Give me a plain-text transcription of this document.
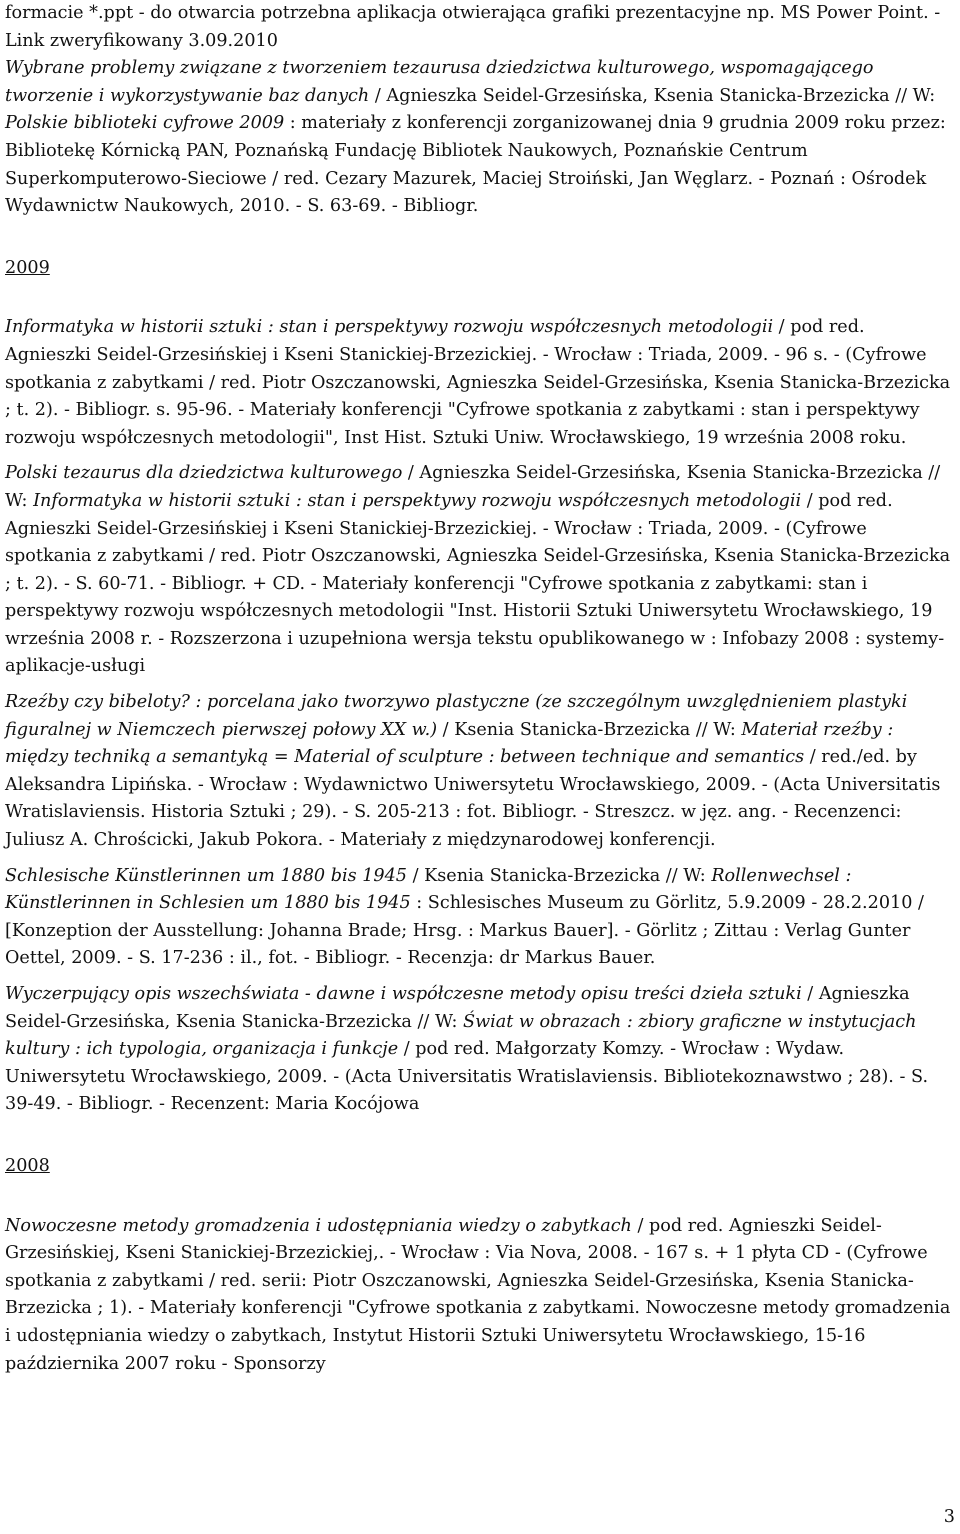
formacie *.ppt - do otwarcia potrzebna aplikacja otwierająca grafiki prezentacyjne np. MS Power Point. - Link zweryfikowany 3.09.2010

Wybrane problemy związane z tworzeniem tezaurusa dziedzictwa kulturowego, wspomagającego tworzenie i wykorzystywanie baz danych / Agnieszka Seidel-Grzesińska, Ksenia Stanicka-Brzezicka // W: Polskie biblioteki cyfrowe 2009 : materiały z konferencji zorganizowanej dnia 9 grudnia 2009 roku przez: Bibliotekę Kórnicką PAN, Poznańską Fundację Bibliotek Naukowych, Poznańskie Centrum Superkomputerowo-Sieciowe / red. Cezary Mazurek, Maciej Stroiński, Jan Węglarz. - Poznań : Ośrodek Wydawnictw Naukowych, 2010. - S. 63-69. - Bibliogr.

2009

Informatyka w historii sztuki : stan i perspektywy rozwoju współczesnych metodologii / pod red. Agnieszki Seidel-Grzesińskiej i Kseni Stanickiej-Brzezickiej. - Wrocław : Triada, 2009. - 96 s. - (Cyfrowe spotkania z zabytkami / red. Piotr Oszczanowski, Agnieszka Seidel-Grzesińska, Ksenia Stanicka-Brzezicka ; t. 2). - Bibliogr. s. 95-96. - Materiały konferencji "Cyfrowe spotkania z zabytkami : stan i perspektywy rozwoju współczesnych metodologii", Inst Hist. Sztuki Uniw. Wrocławskiego, 19 września 2008 roku.

Polski tezaurus dla dziedzictwa kulturowego / Agnieszka Seidel-Grzesińska, Ksenia Stanicka-Brzezicka // W: Informatyka w historii sztuki : stan i perspektywy rozwoju współczesnych metodologii / pod red. Agnieszki Seidel-Grzesińskiej i Kseni Stanickiej-Brzezickiej. - Wrocław : Triada, 2009. - (Cyfrowe spotkania z zabytkami / red. Piotr Oszczanowski, Agnieszka Seidel-Grzesińska, Ksenia Stanicka-Brzezicka ; t. 2). - S. 60-71. - Bibliogr. + CD. - Materiały konferencji "Cyfrowe spotkania z zabytkami: stan i perspektywy rozwoju współczesnych metodologii "Inst. Historii Sztuki Uniwersytetu Wrocławskiego, 19 września 2008 r. - Rozszerzona i uzupełniona wersja tekstu opublikowanego w : Infobazy 2008 : systemy-aplikacje-usługi

Rzeźby czy bibeloty? : porcelana jako tworzywo plastyczne (ze szczególnym uwzględnieniem plastyki figuralnej w Niemczech pierwszej połowy XX w.) / Ksenia Stanicka-Brzezicka // W: Materiał rzeźby : między techniką a semantyką = Material of sculpture : between technique and semantics / red./ed. by Aleksandra Lipińska. - Wrocław : Wydawnictwo Uniwersytetu Wrocławskiego, 2009. - (Acta Universitatis Wratislaviensis. Historia Sztuki ; 29). - S. 205-213 : fot. Bibliogr. - Streszcz. w jęz. ang. - Recenzenci: Juliusz A. Chrościcki, Jakub Pokora. - Materiały z międzynarodowej konferencji.

Schlesische Künstlerinnen um 1880 bis 1945 / Ksenia Stanicka-Brzezicka // W: Rollenwechsel : Künstlerinnen in Schlesien um 1880 bis 1945 : Schlesisches Museum zu Görlitz, 5.9.2009 - 28.2.2010 / [Konzeption der Ausstellung: Johanna Brade; Hrsg. : Markus Bauer]. - Görlitz ; Zittau : Verlag Gunter Oettel, 2009. - S. 17-236 : il., fot. - Bibliogr. - Recenzja: dr Markus Bauer.

Wyczerpujący opis wszechświata - dawne i współczesne metody opisu treści dzieła sztuki / Agnieszka Seidel-Grzesińska, Ksenia Stanicka-Brzezicka // W: Świat w obrazach : zbiory graficzne w instytucjach kultury : ich typologia, organizacja i funkcje / pod red. Małgorzaty Komzy. - Wrocław : Wydaw. Uniwersytetu Wrocławskiego, 2009. - (Acta Universitatis Wratislaviensis. Bibliotekoznawstwo ; 28). - S. 39-49. - Bibliogr. - Recenzent: Maria Kocójowa

2008

Nowoczesne metody gromadzenia i udostępniania wiedzy o zabytkach / pod red. Agnieszki Seidel-Grzesińskiej, Kseni Stanickiej-Brzezickiej,. - Wrocław : Via Nova, 2008. - 167 s. + 1 płyta CD - (Cyfrowe spotkania z zabytkami / red. serii: Piotr Oszczanowski, Agnieszka Seidel-Grzesińska, Ksenia Stanicka-Brzezicka ; 1). - Materiały konferencji "Cyfrowe spotkania z zabytkami. Nowoczesne metody gromadzenia i udostępniania wiedzy o zabytkach, Instytut Historii Sztuki Uniwersytetu Wrocławskiego, 15-16 października 2007 roku - Sponsorzy

3
